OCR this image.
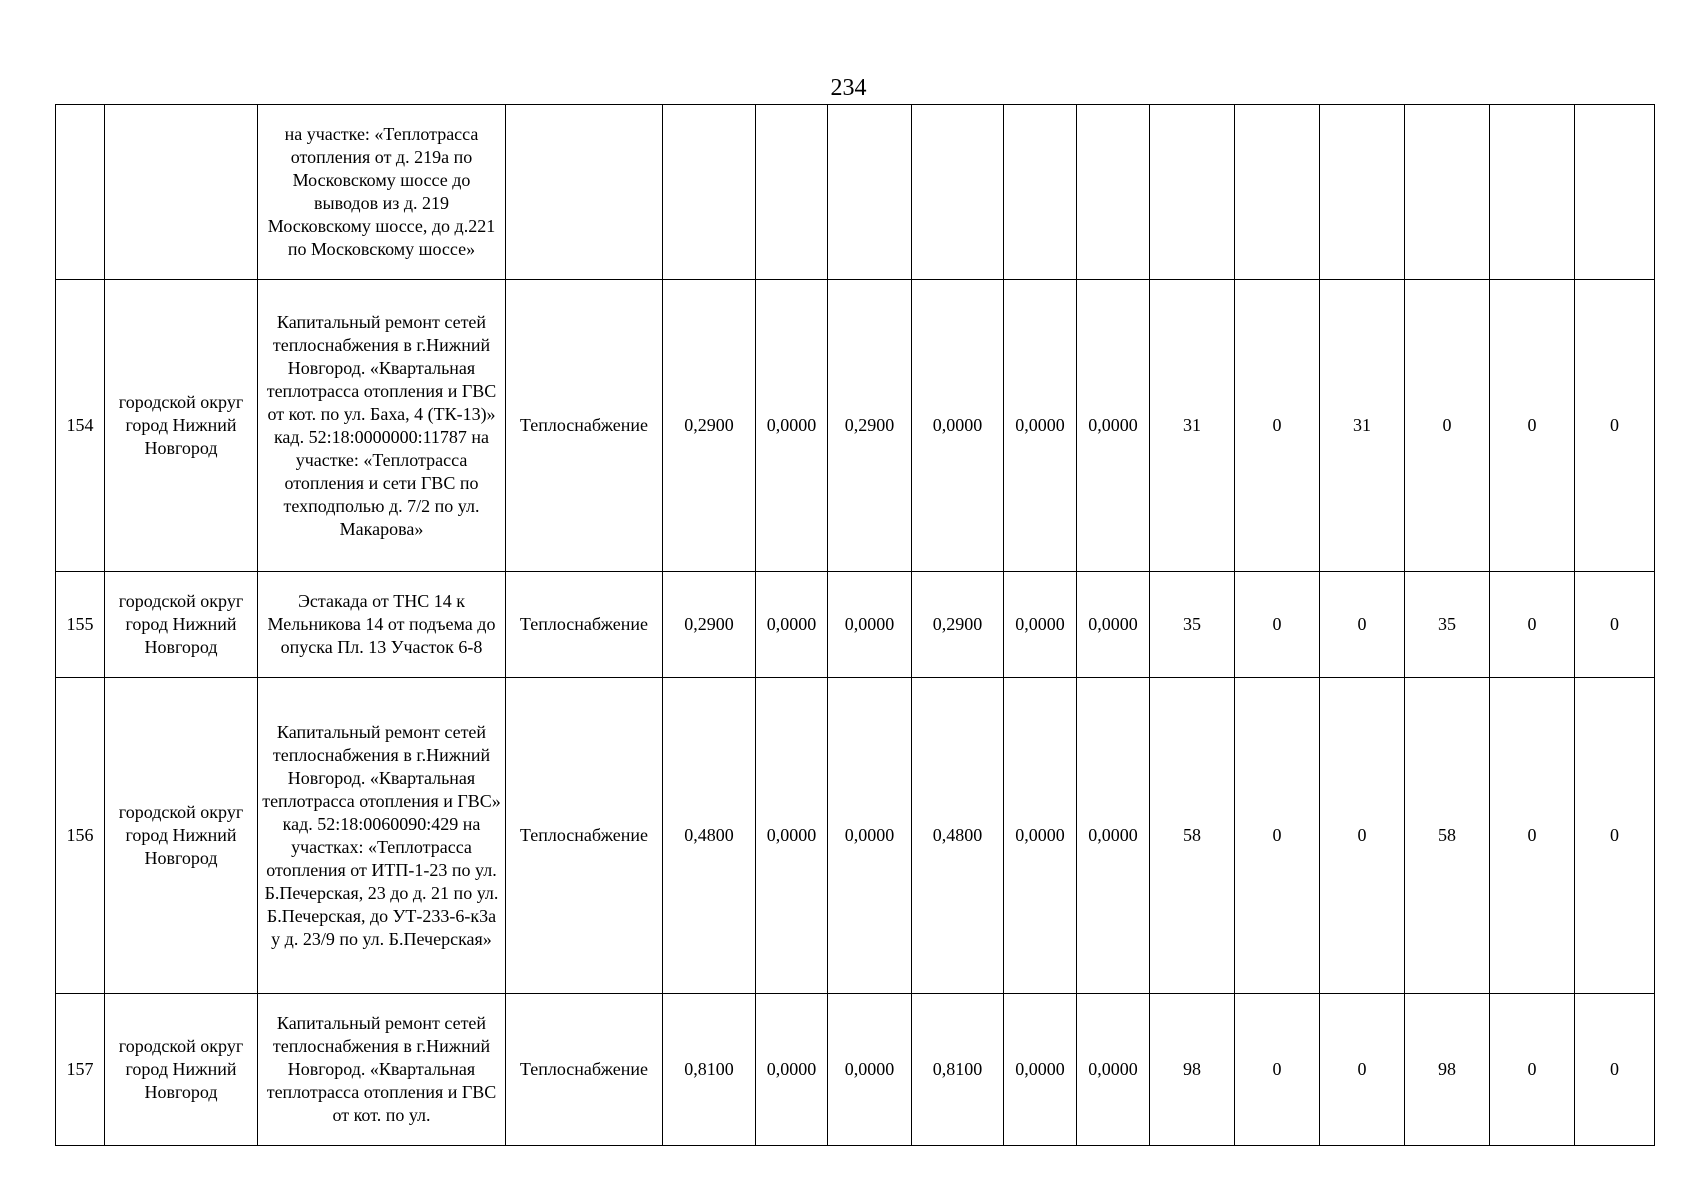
234
		на участке: «Теплотрасса отопления от д. 219а по Московскому шоссе до выводов из д. 219 Московскому шоссе, до д.221 по Московскому шоссе»													
154	городской округ город Нижний Новгород	Капитальный ремонт сетей теплоснабжения в г.Нижний Новгород. «Квартальная теплотрасса отопления и ГВС от кот. по ул. Баха, 4 (ТК-13)» кад. 52:18:0000000:11787 на участке: «Теплотрасса отопления и сети ГВС по техподполью д. 7/2 по ул. Макарова»	Теплоснабжение	0,2900	0,0000	0,2900	0,0000	0,0000	0,0000	31	0	31	0	0	0
155	городской округ город Нижний Новгород	Эстакада от ТНС 14 к Мельникова 14 от подъема до опуска Пл. 13 Участок 6-8	Теплоснабжение	0,2900	0,0000	0,0000	0,2900	0,0000	0,0000	35	0	0	35	0	0
156	городской округ город Нижний Новгород	Капитальный ремонт сетей теплоснабжения в г.Нижний Новгород. «Квартальная теплотрасса отопления и ГВС» кад. 52:18:0060090:429 на участках: «Теплотрасса отопления от ИТП-1-23 по ул. Б.Печерская, 23 до д. 21 по ул. Б.Печерская, до УТ-233-6-к3а у д. 23/9 по ул. Б.Печерская»	Теплоснабжение	0,4800	0,0000	0,0000	0,4800	0,0000	0,0000	58	0	0	58	0	0
157	городской округ город Нижний Новгород	Капитальный ремонт сетей теплоснабжения в г.Нижний Новгород. «Квартальная теплотрасса отопления и ГВС от кот. по ул.	Теплоснабжение	0,8100	0,0000	0,0000	0,8100	0,0000	0,0000	98	0	0	98	0	0
